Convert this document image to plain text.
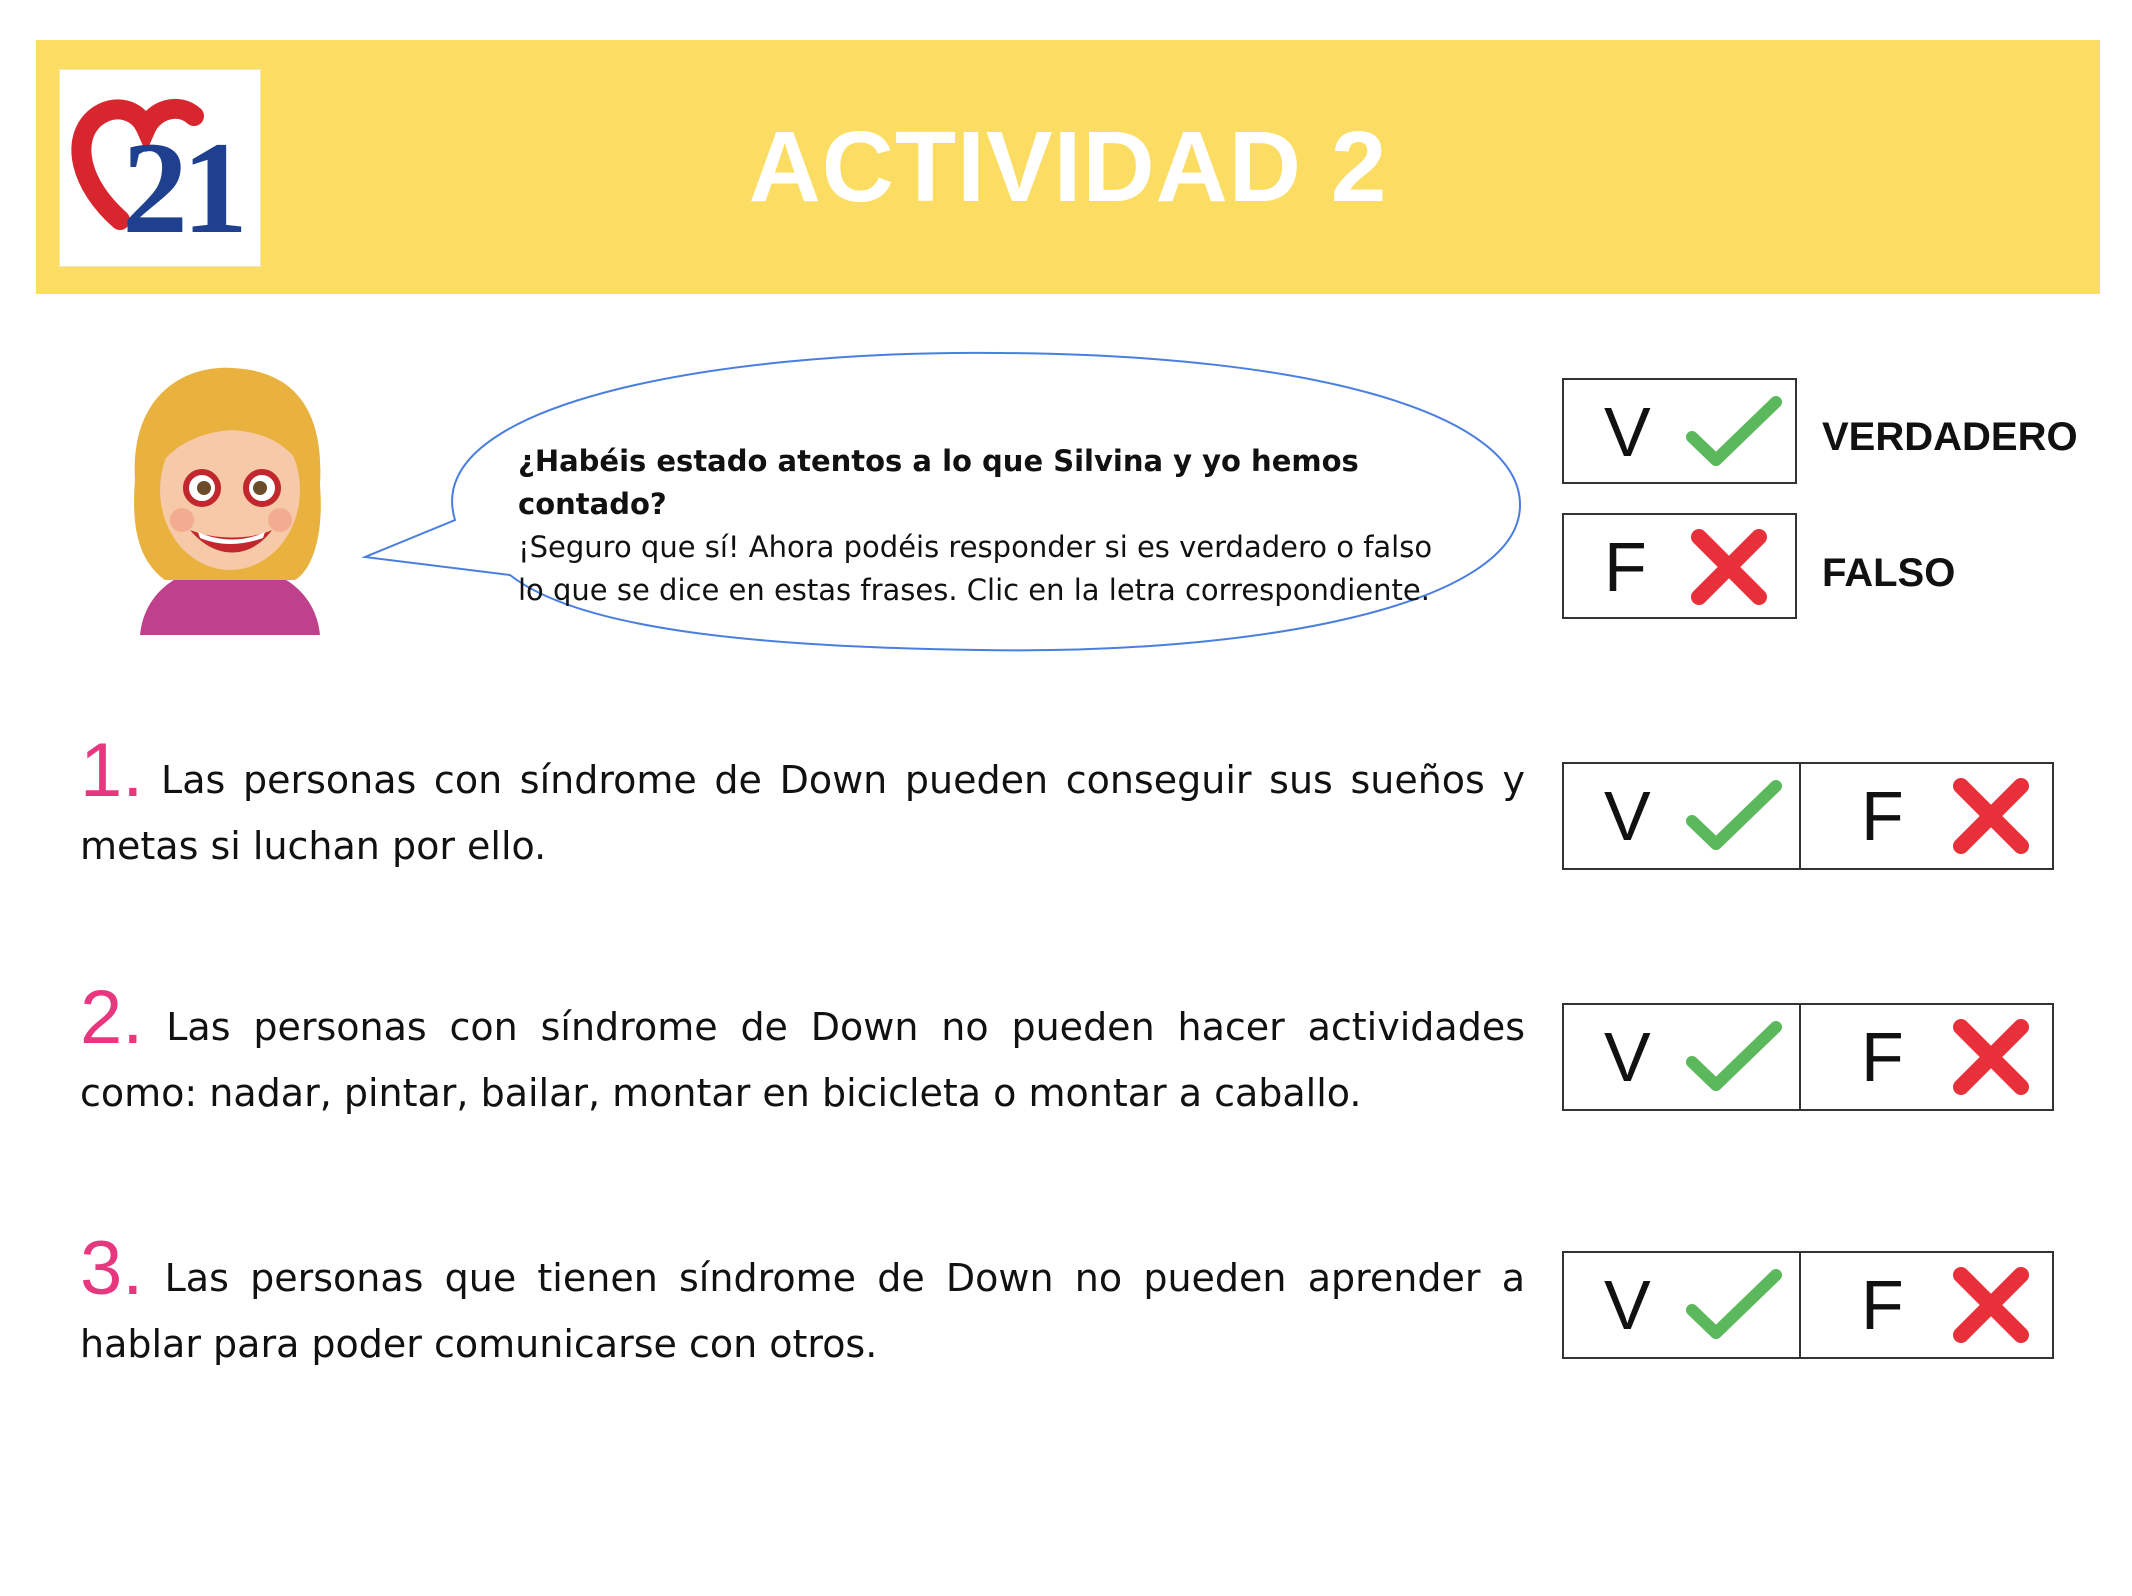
21	ACTIVIDAD 2
¿Habéis estado atentos a lo que Silvina y yo hemos contado?
¡Seguro que sí! Ahora podéis responder si es verdadero o falso
lo que se dice en estas frases. Clic en la letra correspondiente.
V	VERDADERO
F	FALSO
1. Las personas con síndrome de Down pueden conseguir sus sueños y metas si luchan por ello.	V	F
2. Las personas con síndrome de Down no pueden hacer actividades como: nadar, pintar, bailar, montar en bicicleta o montar a caballo.	V	F
3. Las personas que tienen síndrome de Down no pueden aprender a hablar para poder comunicarse con otros.	V	F
